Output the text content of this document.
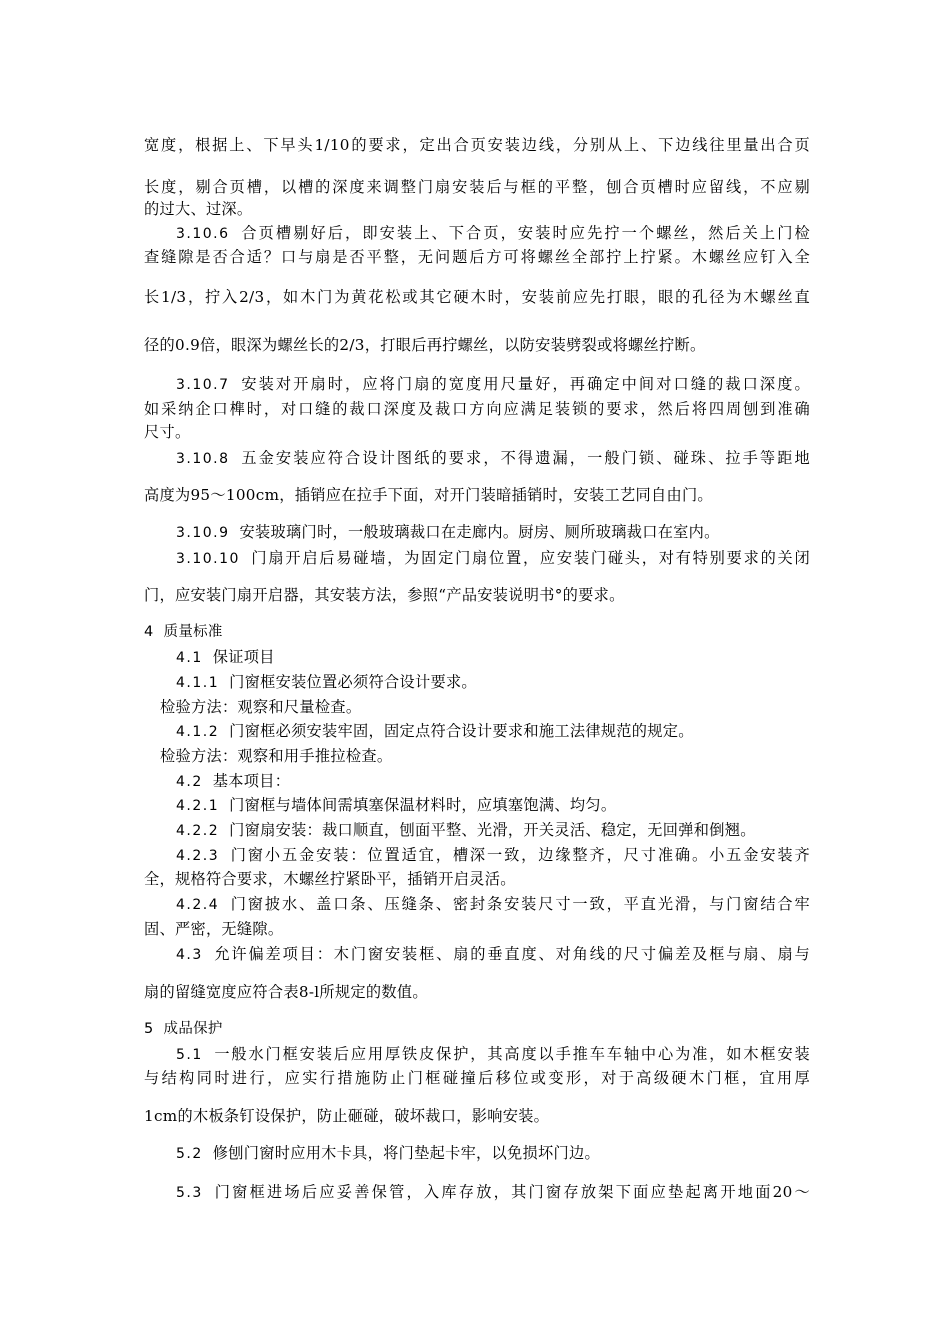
宽度，根据上、下早头1/10的要求，定出合页安装边线，分别从上、下边线往里量出合页
长度，剔合页槽，以槽的深度来调整门扇安装后与框的平整，刨合页槽时应留线，不应剔
的过大、过深。
3.10.6 合页槽剔好后，即安装上、下合页，安装时应先拧一个螺丝，然后关上门检
查缝隙是否合适？口与扇是否平整，无问题后方可将螺丝全部拧上拧紧。木螺丝应钉入全
长1/3，拧入2/3，如木门为黄花松或其它硬木时，安装前应先打眼，眼的孔径为木螺丝直
径的0.9倍，眼深为螺丝长的2/3，打眼后再拧螺丝，以防安装劈裂或将螺丝拧断。
3.10.7 安装对开扇时，应将门扇的宽度用尺量好，再确定中间对口缝的裁口深度。
如采纳企口榫时，对口缝的裁口深度及裁口方向应满足装锁的要求，然后将四周刨到准确
尺寸。
3.10.8 五金安装应符合设计图纸的要求，不得遗漏，一般门锁、碰珠、拉手等距地
高度为95～100cm，插销应在拉手下面，对开门装暗插销时，安装工艺同自由门。
3.10.9 安装玻璃门时，一般玻璃裁口在走廊内。厨房、厕所玻璃裁口在室内。
3.10.10 门扇开启后易碰墙，为固定门扇位置，应安装门碰头，对有特别要求的关闭
门，应安装门扇开启器，其安装方法，参照“产品安装说明书°的要求。
4 质量标准
4.1 保证项目
4.1.1 门窗框安装位置必须符合设计要求。
检验方法：观察和尺量检查。
4.1.2 门窗框必须安装牢固，固定点符合设计要求和施工法律规范的规定。
检验方法：观察和用手推拉检查。
4.2 基本项目：
4.2.1 门窗框与墙体间需填塞保温材料时，应填塞饱满、均匀。
4.2.2 门窗扇安装：裁口顺直，刨面平整、光滑，开关灵活、稳定，无回弹和倒翘。
4.2.3 门窗小五金安装：位置适宜，槽深一致，边缘整齐，尺寸准确。小五金安装齐
全，规格符合要求，木螺丝拧紧卧平，插销开启灵活。
4.2.4 门窗披水、盖口条、压缝条、密封条安装尺寸一致，平直光滑，与门窗结合牢
固、严密，无缝隙。
4.3 允许偏差项目：木门窗安装框、扇的垂直度、对角线的尺寸偏差及框与扇、扇与
扇的留缝宽度应符合表8-l所规定的数值。
5 成品保护
5.1 一般水门框安装后应用厚铁皮保护，其高度以手推车车轴中心为准，如木框安装
与结构同时进行，应实行措施防止门框碰撞后移位或变形，对于高级硬木门框，宜用厚
1cm的木板条钉设保护，防止砸碰，破坏裁口，影响安装。
5.2 修刨门窗时应用木卡具，将门垫起卡牢，以免损坏门边。
5.3 门窗框进场后应妥善保管，入库存放，其门窗存放架下面应垫起离开地面20～
